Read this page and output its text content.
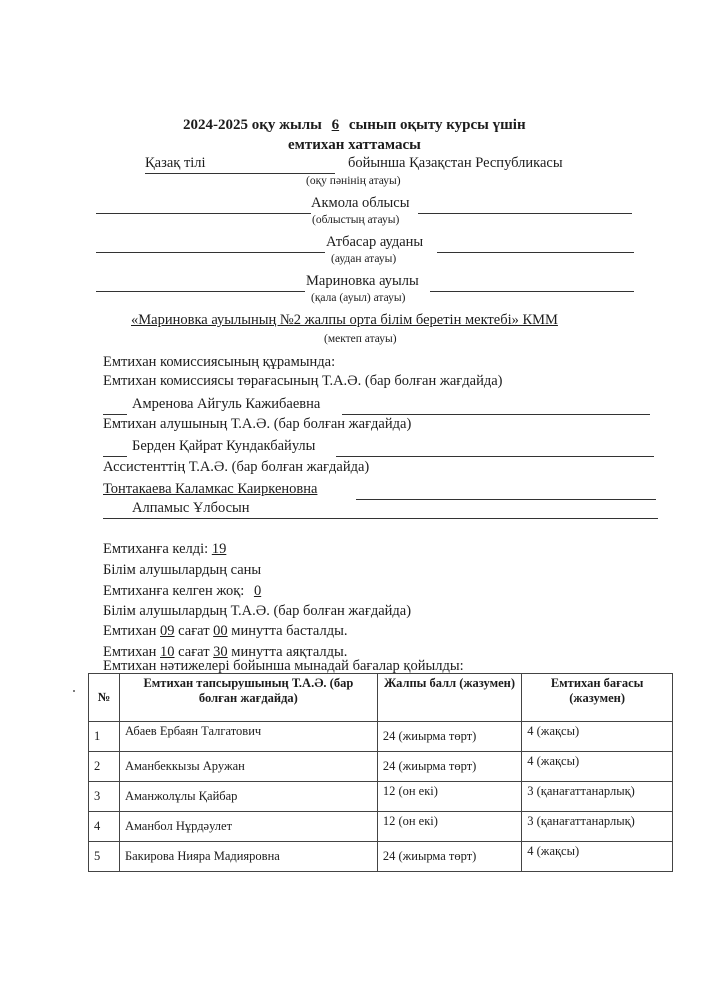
2024-2025 оқу жылы 6 сынып оқыту курсы үшін
емтихан хаттамасы
Қазақ тілі	бойынша Қазақстан Республикасы
(оқу пәнінің атауы)
Акмола облысы
(облыстың атауы)
Атбасар ауданы
(аудан атауы)
Мариновка ауылы
(қала (ауыл) атауы)
«Мариновка ауылының №2 жалпы орта білім беретін мектебі» КММ
(мектеп атауы)
Емтихан комиссиясының құрамында:
Емтихан комиссиясы төрағасының Т.А.Ә. (бар болған жағдайда)
Амренова Айгуль Кажибаевна
Емтихан алушының Т.А.Ә. (бар болған жағдайда)
Берден Қайрат Кундакбайулы
Ассистенттің Т.А.Ә. (бар болған жағдайда)
Тонтакаева Каламкас Каиркеновна
Алпамыс Ұлбосын
Емтиханға келді: 19
Білім алушылардың саны
Емтиханға келген жоқ: 0
Білім алушылардың Т.А.Ә. (бар болған жағдайда)
Емтихан 09 сағат 00 минутта басталды.
Емтихан 10 сағат 30 минутта аяқталды.
Емтихан нәтижелері бойынша мынадай бағалар қойылды:
№	Емтихан тапсырушының Т.А.Ә. (бар болған жағдайда)	Жалпы балл (жазумен)	Емтихан бағасы (жазумен)
1	Абаев Ербаян Талгатович	24 (жиырма төрт)	4 (жақсы)
2	Аманбеккызы Аружан	24 (жиырма төрт)	4 (жақсы)
3	Аманжолұлы Қайбар	12 (он екі)	3 (қанағаттанарлық)
4	Аманбол Нұрдәулет	12 (он екі)	3 (қанағаттанарлық)
5	Бакирова Нияра Мадияровна	24 (жиырма төрт)	4 (жақсы)
